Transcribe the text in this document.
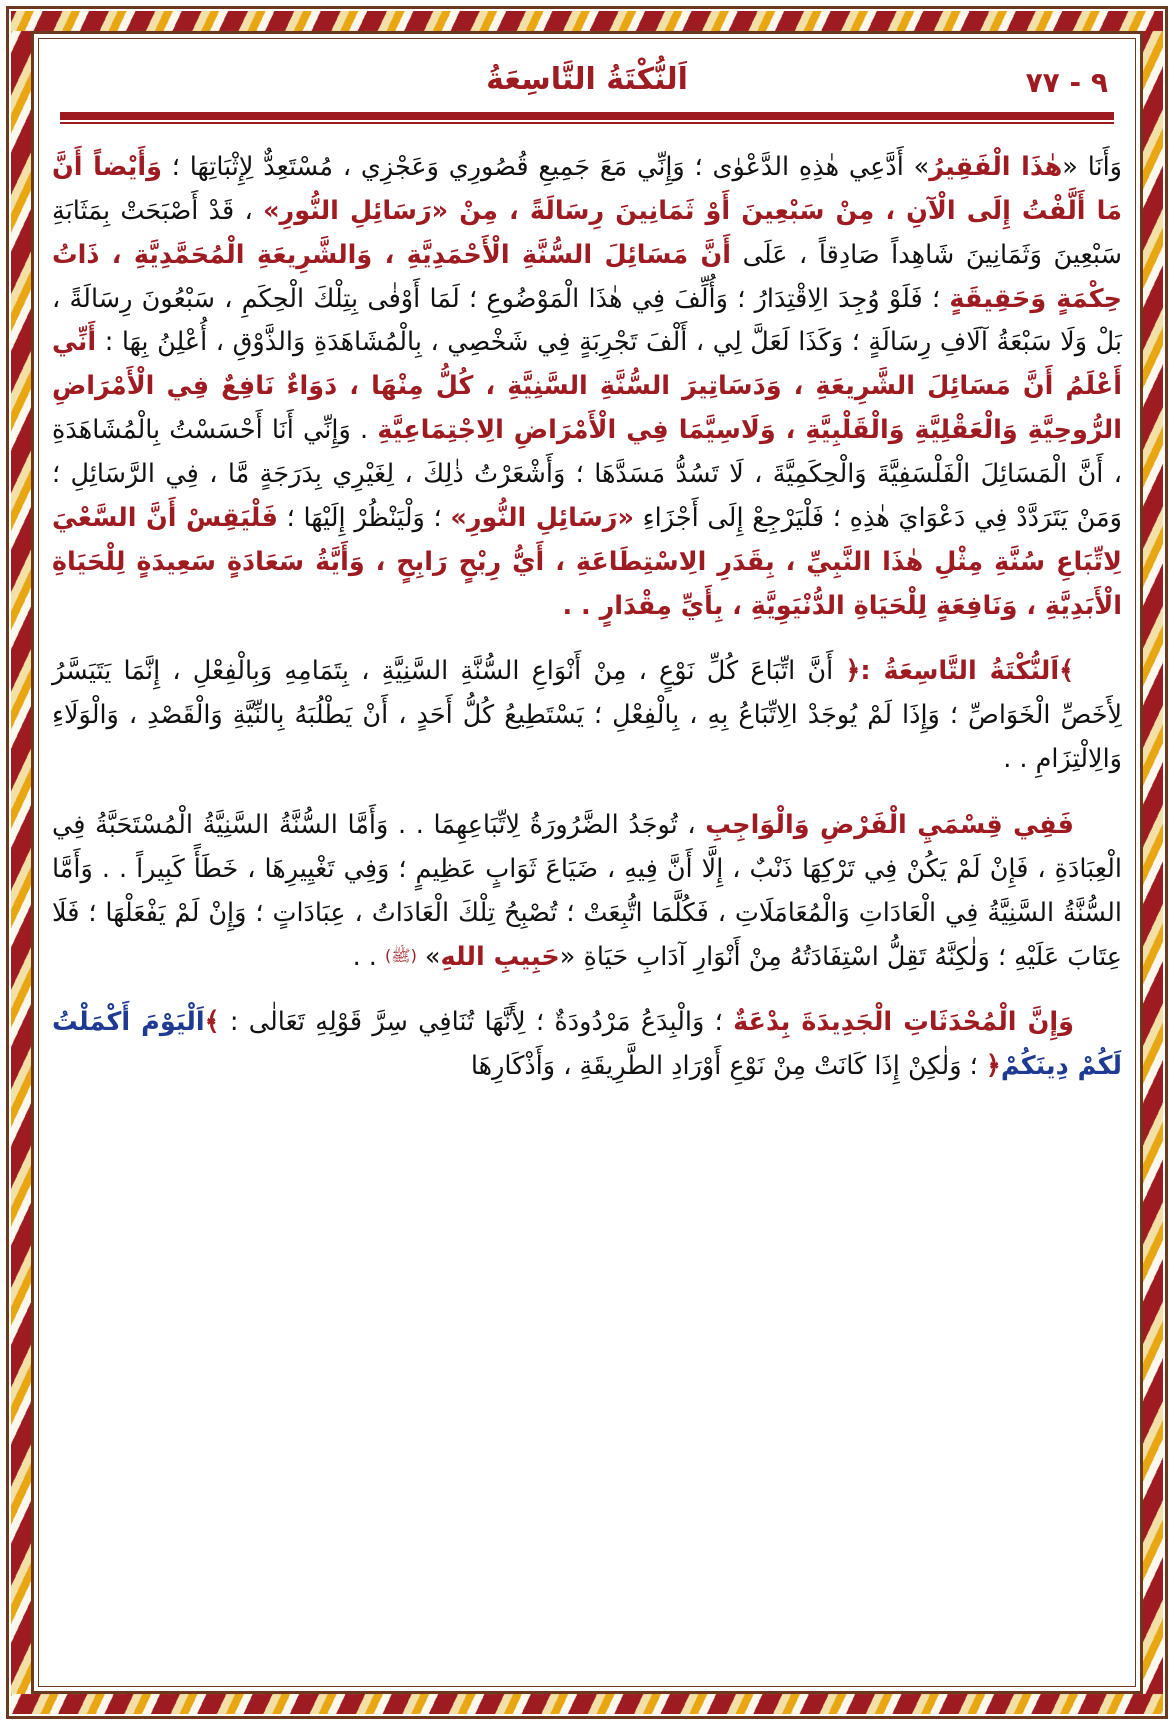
٩ - ٧٧
اَلنُّكْتَةُ التَّاسِعَةُ

وَأَنَا «هٰذَا الْفَقِيرُ» أَدَّعِي هٰذِهِ الدَّعْوٰى ؛ وَإِنِّي مَعَ جَمِيعِ قُصُورِي وَعَجْزِي ، مُسْتَعِدٌّ لِإِثْبَاتِهَا ؛ وَأَيْضاً أَنَّ مَا أَلَّفْتُ إِلَى الْآنِ ، مِنْ سَبْعِينَ أَوْ ثَمَانِينَ رِسَالَةً ، مِنْ «رَسَائِلِ النُّورِ» ، قَدْ أَصْبَحَتْ بِمَثَابَةِ سَبْعِينَ وَثَمَانِينَ شَاهِداً صَادِقاً ، عَلَى أَنَّ مَسَائِلَ السُّنَّةِ الْأَحْمَدِيَّةِ ، وَالشَّرِيعَةِ الْمُحَمَّدِيَّةِ ، ذَاتُ حِكْمَةٍ وَحَقِيقَةٍ ؛ فَلَوْ وُجِدَ الِاقْتِدَارُ ؛ وَأُلِّفَ فِي هٰذَا الْمَوْضُوعِ ؛ لَمَا أَوْفٰى بِتِلْكَ الْحِكَمِ ، سَبْعُونَ رِسَالَةً ، بَلْ وَلَا سَبْعَةُ آلَافِ رِسَالَةٍ ؛ وَكَذَا لَعَلَّ لِي ، أَلْفَ تَجْرِبَةٍ فِي شَخْصِي ، بِالْمُشَاهَدَةِ وَالذَّوْقِ ، أُعْلِنُ بِهَا : أَنِّي أَعْلَمُ أَنَّ مَسَائِلَ الشَّرِيعَةِ ، وَدَسَاتِيرَ السُّنَّةِ السَّنِيَّةِ ، كُلُّ مِنْهَا ، دَوَاءٌ نَافِعٌ فِي الْأَمْرَاضِ الرُّوحِيَّةِ وَالْعَقْلِيَّةِ وَالْقَلْبِيَّةِ ، وَلَاسِيَّمَا فِي الْأَمْرَاضِ الِاجْتِمَاعِيَّةِ . وَإِنِّي أَنَا أَحْسَسْتُ بِالْمُشَاهَدَةِ ، أَنَّ الْمَسَائِلَ الْفَلْسَفِيَّةَ وَالْحِكَمِيَّةَ ، لَا تَسُدُّ مَسَدَّهَا ؛ وَأَشْعَرْتُ ذٰلِكَ ، لِغَيْرِي بِدَرَجَةٍ مَّا ، فِي الرَّسَائِلِ ؛ وَمَنْ يَتَرَدَّدْ فِي دَعْوَايَ هٰذِهِ ؛ فَلْيَرْجِعْ إِلَى أَجْزَاءِ «رَسَائِلِ النُّورِ» ؛ وَلْيَنْظُرْ إِلَيْهَا ؛ فَلْيَقِسْ أَنَّ السَّعْيَ لِاتِّبَاعِ سُنَّةِ مِثْلِ هٰذَا النَّبِيِّ ، بِقَدَرِ الِاسْتِطَاعَةِ ، أَيُّ رِبْحٍ رَابِحٍ ، وَأَيَّةُ سَعَادَةٍ سَعِيدَةٍ لِلْحَيَاةِ الْأَبَدِيَّةِ ، وَنَافِعَةٍ لِلْحَيَاةِ الدُّنْيَوِيَّةِ ، بِأَيِّ مِقْدَارٍ . .

﴾اَلنُّكْتَةُ التَّاسِعَةُ :﴿ أَنَّ اتِّبَاعَ كُلِّ نَوْعٍ ، مِنْ أَنْوَاعِ السُّنَّةِ السَّنِيَّةِ ، بِتَمَامِهِ وَبِالْفِعْلِ ، إِنَّمَا يَتَيَسَّرُ لِأَخَصِّ الْخَوَاصِّ ؛ وَإِذَا لَمْ يُوجَدْ الِاتِّبَاعُ بِهِ ، بِالْفِعْلِ ؛ يَسْتَطِيعُ كُلُّ أَحَدٍ ، أَنْ يَطْلُبَهُ بِالنِّيَّةِ وَالْقَصْدِ ، وَالْوَلَاءِ وَالِالْتِزَامِ . .

فَفِي قِسْمَيِ الْفَرْضِ وَالْوَاجِبِ ، تُوجَدُ الضَّرُورَةُ لِاتِّبَاعِهِمَا . . وَأَمَّا السُّنَّةُ السَّنِيَّةُ الْمُسْتَحَبَّةُ فِي الْعِبَادَةِ ، فَإِنْ لَمْ يَكُنْ فِي تَرْكِهَا ذَنْبٌ ، إِلَّا أَنَّ فِيهِ ، ضَيَاعَ ثَوَابٍ عَظِيمٍ ؛ وَفِي تَغْيِيرِهَا ، خَطَأً كَبِيراً . . وَأَمَّا السُّنَّةُ السَّنِيَّةُ فِي الْعَادَاتِ وَالْمُعَامَلَاتِ ، فَكُلَّمَا اتُّبِعَتْ ؛ تُصْبِحُ تِلْكَ الْعَادَاتُ ، عِبَادَاتٍ ؛ وَإِنْ لَمْ يَفْعَلْهَا ؛ فَلَا عِتَابَ عَلَيْهِ ؛ وَلٰكِنَّهُ تَقِلُّ اسْتِفَادَتُهُ مِنْ أَنْوَارِ آدَابِ حَيَاةِ «حَبِيبِ اللهِ» (ﷺ) . .

وَإِنَّ الْمُحْدَثَاتِ الْجَدِيدَةَ بِدْعَةٌ ؛ وَالْبِدَعُ مَرْدُودَةٌ ؛ لِأَنَّهَا تُنَافِي سِرَّ قَوْلِهِ تَعَالٰى : ﴾اَلْيَوْمَ أَكْمَلْتُ لَكُمْ دِينَكُمْ﴿ ؛ وَلٰكِنْ إِذَا كَانَتْ مِنْ نَوْعِ أَوْرَادِ الطَّرِيقَةِ ، وَأَذْكَارِهَا
